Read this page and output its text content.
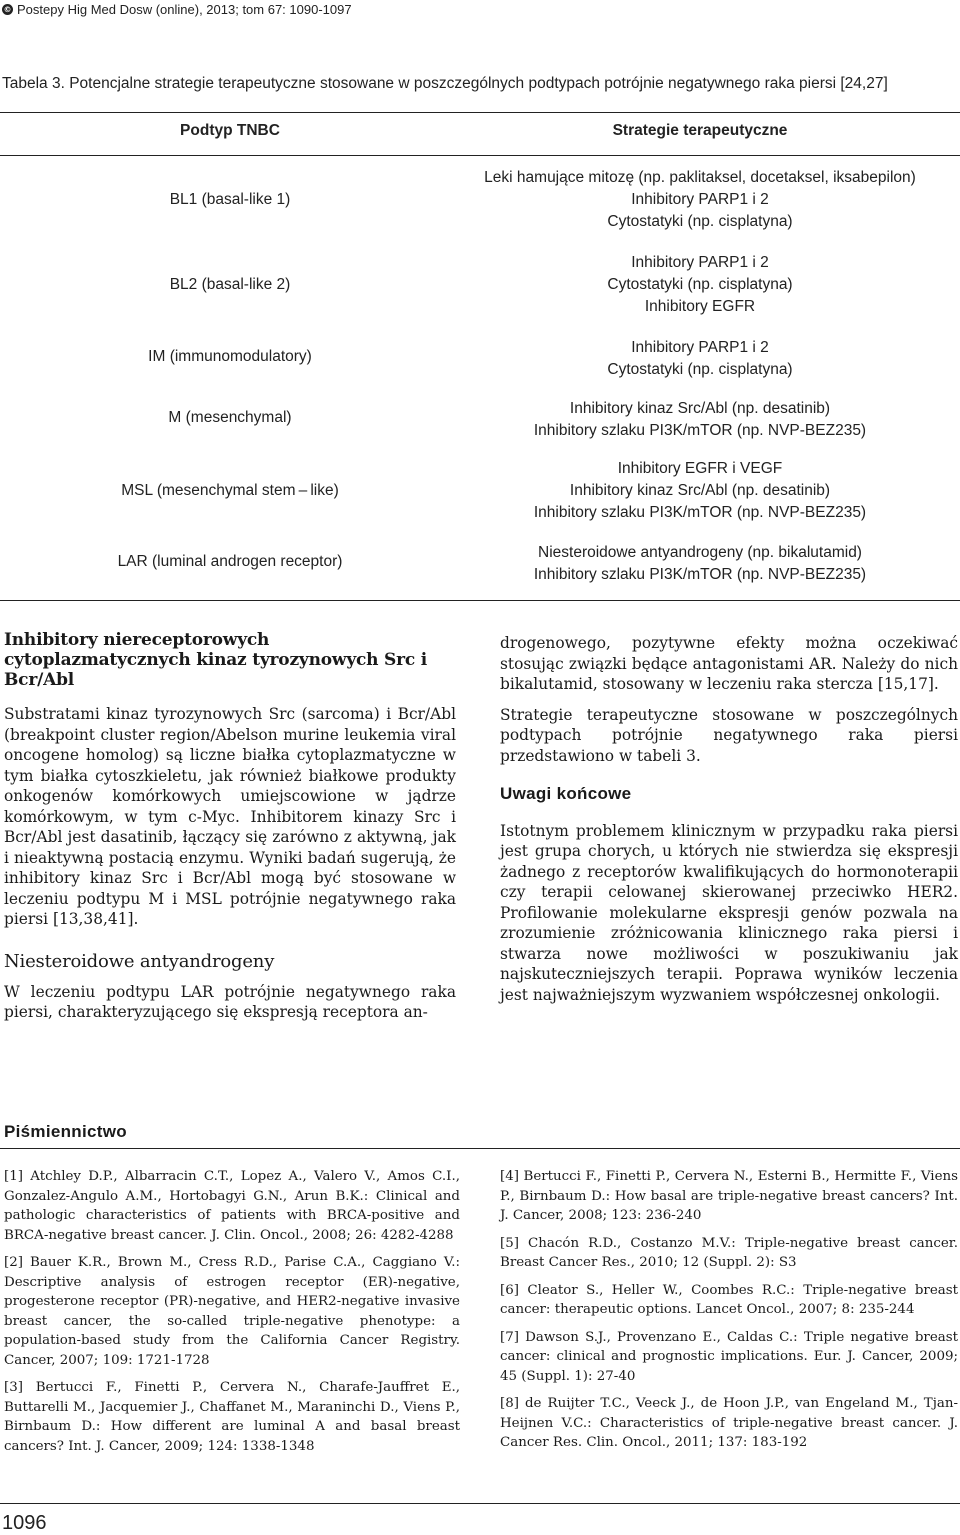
© Postepy Hig Med Dosw (online), 2013; tom 67: 1090-1097
Tabela 3. Potencjalne strategie terapeutyczne stosowane w poszczególnych podtypach potrójnie negatywnego raka piersi [24,27]
Podtyp TNBC	Strategie terapeutyczne
BL1 (basal-like 1)
Leki hamujące mitozę (np. paklitaksel, docetaksel, iksabepilon)
Inhibitory PARP1 i 2
Cytostatyki (np. cisplatyna)
BL2 (basal-like 2)
Inhibitory PARP1 i 2
Cytostatyki (np. cisplatyna)
Inhibitory EGFR
IM (immunomodulatory)
Inhibitory PARP1 i 2
Cytostatyki (np. cisplatyna)
M (mesenchymal)
Inhibitory kinaz Src/Abl (np. desatinib)
Inhibitory szlaku PI3K/mTOR (np. NVP-BEZ235)
MSL (mesenchymal stem – like)
Inhibitory EGFR i VEGF
Inhibitory kinaz Src/Abl (np. desatinib)
Inhibitory szlaku PI3K/mTOR (np. NVP-BEZ235)
LAR (luminal androgen receptor)
Niesteroidowe antyandrogeny (np. bikalutamid)
Inhibitory szlaku PI3K/mTOR (np. NVP-BEZ235)
Inhibitory niereceptorowych cytoplazmatycznych kinaz tyrozynowych Src i Bcr/Abl

Substratami kinaz tyrozynowych Src (sarcoma) i Bcr/Abl (breakpoint cluster region/Abelson murine leukemia viral oncogene homolog) są liczne białka cytoplazmatyczne w tym białka cytoszkieletu, jak również białkowe produkty onkogenów komórkowych umiejscowione w jądrze komórkowym, w tym c-Myc. Inhibitorem kinazy Src i Bcr/Abl jest dasatinib, łączący się zarówno z aktywną, jak i nieaktywną postacią enzymu. Wyniki badań sugerują, że inhibitory kinaz Src i Bcr/Abl mogą być stosowane w leczeniu podtypu M i MSL potrójnie negatywnego raka piersi [13,38,41].

Niesteroidowe antyandrogeny

W leczeniu podtypu LAR potrójnie negatywnego raka piersi, charakteryzującego się ekspresją receptora an-

drogenowego, pozytywne efekty można oczekiwać stosując związki będące antagonistami AR. Należy do nich bikalutamid, stosowany w leczeniu raka stercza [15,17].

Strategie terapeutyczne stosowane w poszczególnych podtypach potrójnie negatywnego raka piersi przedstawiono w tabeli 3.

Uwagi końcowe

Istotnym problemem klinicznym w przypadku raka piersi jest grupa chorych, u których nie stwierdza się ekspresji żadnego z receptorów kwalifikujących do hormonoterapii czy terapii celowanej skierowanej przeciwko HER2. Profilowanie molekularne ekspresji genów pozwala na zrozumienie zróżnicowania klinicznego raka piersi i stwarza nowe możliwości w poszukiwaniu jak najskuteczniejszych terapii. Poprawa wyników leczenia jest najważniejszym wyzwaniem współczesnej onkologii.

Piśmiennictwo

[1] Atchley D.P., Albarracin C.T., Lopez A., Valero V., Amos C.I., Gonzalez-Angulo A.M., Hortobagyi G.N., Arun B.K.: Clinical and pathologic characteristics of patients with BRCA-positive and BRCA-negative breast cancer. J. Clin. Oncol., 2008; 26: 4282-4288

[2] Bauer K.R., Brown M., Cress R.D., Parise C.A., Caggiano V.: Descriptive analysis of estrogen receptor (ER)-negative, progesterone receptor (PR)-negative, and HER2-negative invasive breast cancer, the so-called triple-negative phenotype: a population-based study from the California Cancer Registry. Cancer, 2007; 109: 1721-1728

[3] Bertucci F., Finetti P., Cervera N., Charafe-Jauffret E., Buttarelli M., Jacquemier J., Chaffanet M., Maraninchi D., Viens P., Birnbaum D.: How different are luminal A and basal breast cancers? Int. J. Cancer, 2009; 124: 1338-1348

[4] Bertucci F., Finetti P., Cervera N., Esterni B., Hermitte F., Viens P., Birnbaum D.: How basal are triple-negative breast cancers? Int. J. Cancer, 2008; 123: 236-240

[5] Chacón R.D., Costanzo M.V.: Triple-negative breast cancer. Breast Cancer Res., 2010; 12 (Suppl. 2): S3

[6] Cleator S., Heller W., Coombes R.C.: Triple-negative breast cancer: therapeutic options. Lancet Oncol., 2007; 8: 235-244

[7] Dawson S.J., Provenzano E., Caldas C.: Triple negative breast cancer: clinical and prognostic implications. Eur. J. Cancer, 2009; 45 (Suppl. 1): 27-40

[8] de Ruijter T.C., Veeck J., de Hoon J.P., van Engeland M., Tjan-Heijnen V.C.: Characteristics of triple-negative breast cancer. J. Cancer Res. Clin. Oncol., 2011; 137: 183-192

1096
